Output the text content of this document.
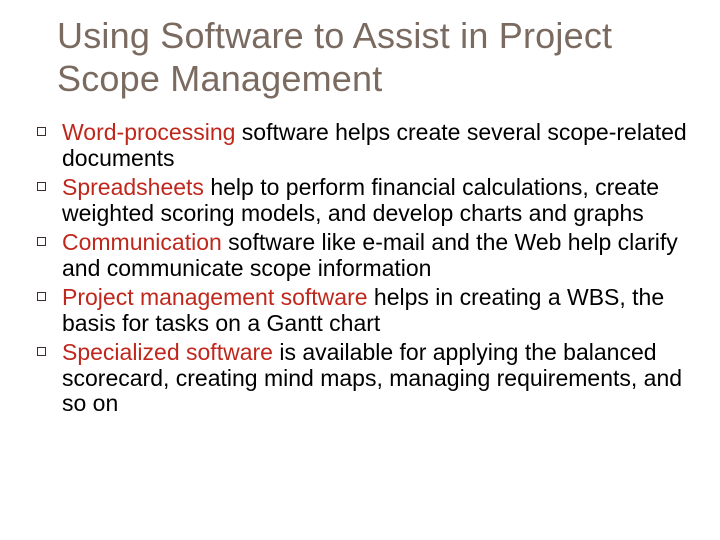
Using Software to Assist in Project Scope Management
Word-processing software helps create several scope-related documents
Spreadsheets help to perform financial calculations, create weighted scoring models, and develop charts and graphs
Communication software like e-mail and the Web help clarify and communicate scope information
Project management software helps in creating a WBS, the basis for tasks on a Gantt chart
Specialized software is available for applying the balanced scorecard, creating mind maps, managing requirements, and so on
